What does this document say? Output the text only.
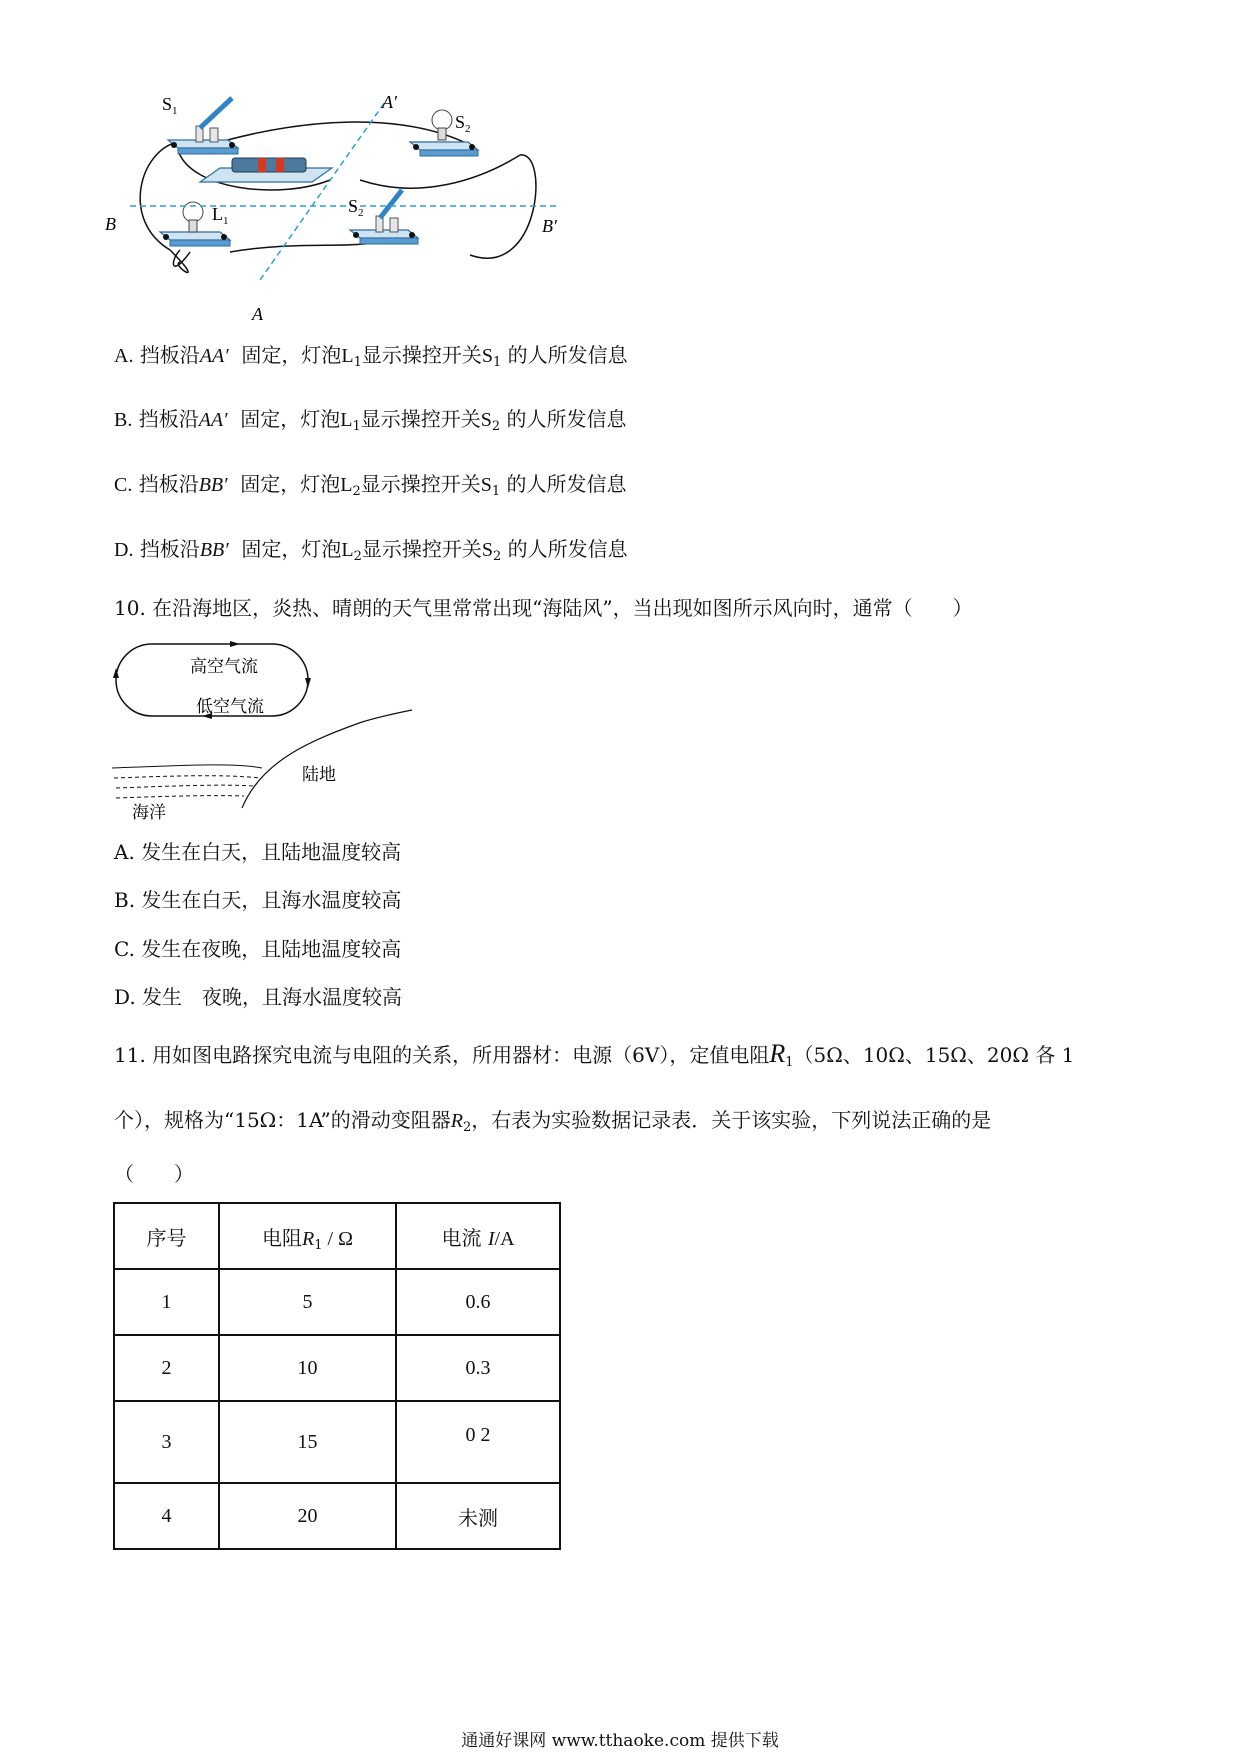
$S_1$
$S_2$
$L_1$
$S_2$
A′
A
B	B′
A. 挡板沿AA′ 固定，灯泡$L_1$显示操控开关$S_1$ 的人所发信息
B. 挡板沿AA′ 固定，灯泡$L_1$显示操控开关$S_2$ 的人所发信息
C. 挡板沿BB′ 固定，灯泡$L_2$显示操控开关$S_1$ 的人所发信息
D. 挡板沿BB′ 固定，灯泡$L_2$显示操控开关$S_2$ 的人所发信息
10. 在沿海地区，炎热、晴朗的天气里常常出现“海陆风”，当出现如图所示风向时，通常（　　）
高空气流
低空气流
陆地
海洋
A. 发生在白天，且陆地温度较高
B. 发生在白天，且海水温度较高
C. 发生在夜晚，且陆地温度较高
D. 发生　夜晚，且海水温度较高
11. 用如图电路探究电流与电阻的关系，所用器材：电源（6V），定值电阻$R_1(5\Omega$、10Ω、15Ω、20Ω 各 1
个），规格为“15Ω：1A”的滑动变阻器$R_2$，右表为实验数据记录表．关于该实验，下列说法正确的是
（　　）
序号	电阻$R_1$ / Ω	电流 I/A
1	5	0.6
2	10	0.3
3	15	0 2
4	20	未测
通通好课网 www.tthaoke.com 提供下载
